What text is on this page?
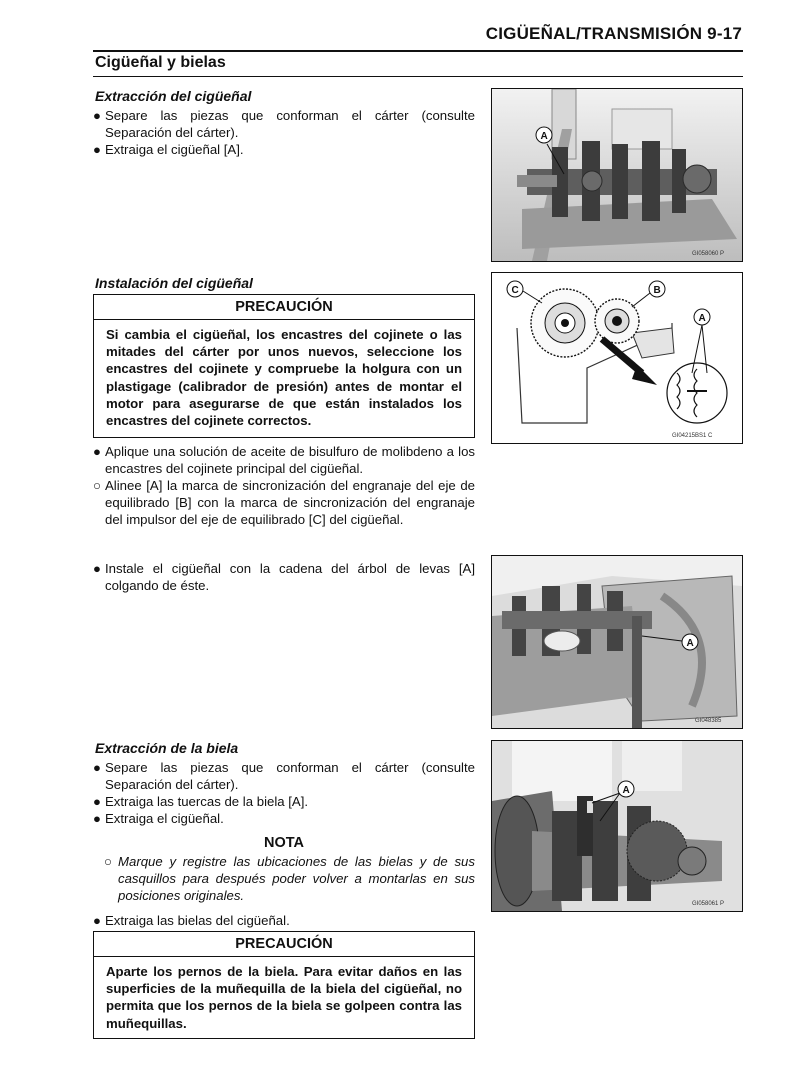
CIGÜEÑAL/TRANSMISIÓN 9-17
Cigüeñal y bielas
Extracción del cigüeñal
● Separe las piezas que conforman el cárter (consulte Separación del cárter).
● Extraiga el cigüeñal [A].
A
GI058060 P
Instalación del cigüeñal
PRECAUCIÓN
Si cambia el cigüeñal, los encastres del cojinete o las mitades del cárter por unos nuevos, seleccione los encastres del cojinete y compruebe la holgura con un plastigage (calibrador de presión) antes de montar el motor para asegurarse de que están instalados los encastres del cojinete correctos.
● Aplique una solución de aceite de bisulfuro de molibdeno a los encastres del cojinete principal del cigüeñal.
○ Alinee [A] la marca de sincronización del engranaje del eje de equilibrado [B] con la marca de sincronización del engranaje del impulsor del eje de equilibrado [C] del cigüeñal.
C	B
A
GI04215BS1 C
● Instale el cigüeñal con la cadena del árbol de levas [A] colgando de éste.
A
GI048385
Extracción de la biela
● Separe las piezas que conforman el cárter (consulte Separación del cárter).
● Extraiga las tuercas de la biela [A].
● Extraiga el cigüeñal.
NOTA
○ Marque y registre las ubicaciones de las bielas y de sus casquillos para después poder volver a montarlas en sus posiciones originales.
● Extraiga las bielas del cigüeñal.
PRECAUCIÓN
Aparte los pernos de la biela. Para evitar daños en las superficies de la muñequilla de la biela del cigüeñal, no permita que los pernos de la biela se golpeen contra las muñequillas.
A
GI058061 P
